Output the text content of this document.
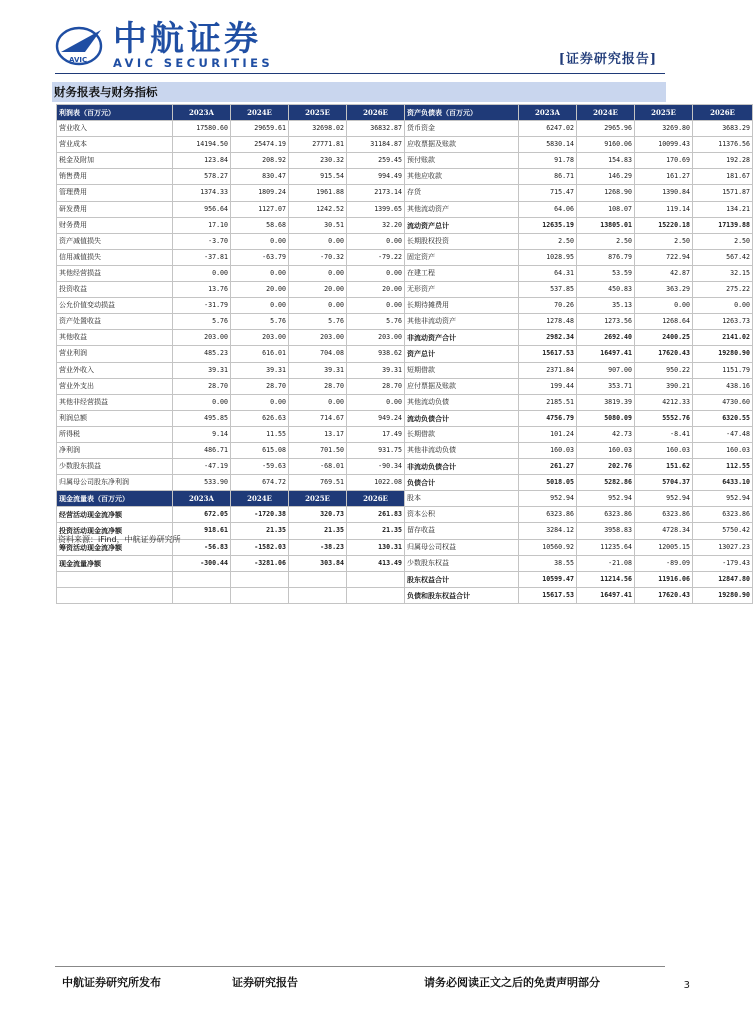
AVIC
中航证券
AVIC SECURITIES	[证券研究报告]
财务报表与财务指标
利润表（百万元）	2023A	2024E	2025E	2026E	资产负债表（百万元）	2023A	2024E	2025E	2026E
营业收入	17580.60	29659.61	32698.02	36832.87	货币资金	6247.02	2965.96	3269.80	3683.29
营业成本	14194.50	25474.19	27771.81	31184.87	应收票据及账款	5830.14	9160.06	10099.43	11376.56
税金及附加	123.84	208.92	230.32	259.45	预付账款	91.78	154.83	170.69	192.28
销售费用	578.27	830.47	915.54	994.49	其他应收款	86.71	146.29	161.27	181.67
管理费用	1374.33	1809.24	1961.88	2173.14	存货	715.47	1268.90	1390.84	1571.87
研发费用	956.64	1127.07	1242.52	1399.65	其他流动资产	64.06	108.07	119.14	134.21
财务费用	17.10	58.68	30.51	32.20	流动资产总计	12635.19	13805.01	15220.18	17139.88
资产减值损失	-3.70	0.00	0.00	0.00	长期股权投资	2.50	2.50	2.50	2.50
信用减值损失	-37.81	-63.79	-70.32	-79.22	固定资产	1028.95	876.79	722.94	567.42
其他经营损益	0.00	0.00	0.00	0.00	在建工程	64.31	53.59	42.87	32.15
投资收益	13.76	20.00	20.00	20.00	无形资产	537.85	450.83	363.29	275.22
公允价值变动损益	-31.79	0.00	0.00	0.00	长期待摊费用	70.26	35.13	0.00	0.00
资产处置收益	5.76	5.76	5.76	5.76	其他非流动资产	1278.48	1273.56	1268.64	1263.73
其他收益	203.00	203.00	203.00	203.00	非流动资产合计	2982.34	2692.40	2400.25	2141.02
营业利润	485.23	616.01	704.08	938.62	资产总计	15617.53	16497.41	17620.43	19280.90
营业外收入	39.31	39.31	39.31	39.31	短期借款	2371.84	907.00	950.22	1151.79
营业外支出	28.70	28.70	28.70	28.70	应付票据及账款	199.44	353.71	390.21	438.16
其他非经营损益	0.00	0.00	0.00	0.00	其他流动负债	2185.51	3819.39	4212.33	4730.60
利润总额	495.85	626.63	714.67	949.24	流动负债合计	4756.79	5080.09	5552.76	6320.55
所得税	9.14	11.55	13.17	17.49	长期借款	101.24	42.73	-8.41	-47.48
净利润	486.71	615.08	701.50	931.75	其他非流动负债	160.03	160.03	160.03	160.03
少数股东损益	-47.19	-59.63	-68.01	-90.34	非流动负债合计	261.27	202.76	151.62	112.55
归属母公司股东净利润	533.90	674.72	769.51	1022.08	负债合计	5018.05	5282.86	5704.37	6433.10
现金流量表（百万元）	2023A	2024E	2025E	2026E	股本	952.94	952.94	952.94	952.94
经营活动现金流净额	672.05	-1720.38	320.73	261.83	资本公积	6323.86	6323.86	6323.86	6323.86
投资活动现金流净额	918.61	21.35	21.35	21.35	留存收益	3284.12	3958.83	4728.34	5750.42
筹资活动现金流净额	-56.83	-1582.03	-38.23	130.31	归属母公司权益	10560.92	11235.64	12005.15	13027.23
现金流量净额	-300.44	-3281.06	303.84	413.49	少数股东权益	38.55	-21.08	-89.09	-179.43
					股东权益合计	10599.47	11214.56	11916.06	12847.80
					负债和股东权益合计	15617.53	16497.41	17620.43	19280.90
资料来源：iFind，中航证券研究所
中航证券研究所发布	证券研究报告	请务必阅读正文之后的免责声明部分	3
